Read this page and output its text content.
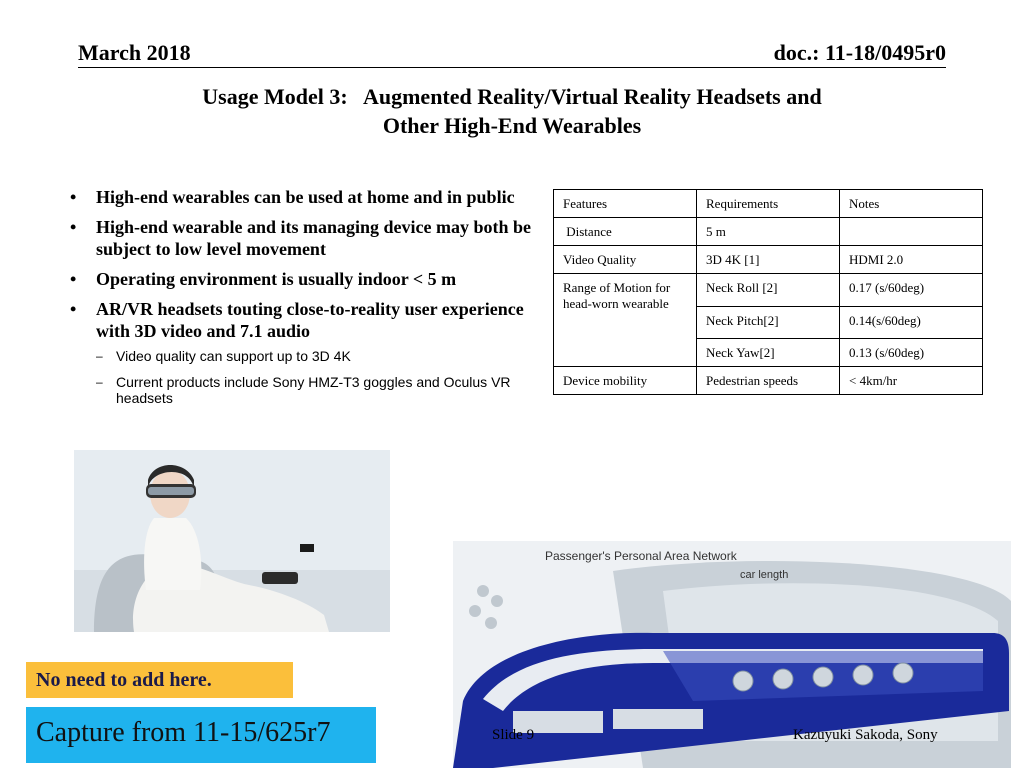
March 2018	doc.: 11-18/0495r0
Usage Model 3:   Augmented Reality/Virtual Reality Headsets and
Other High-End Wearables
•	High-end wearables can be used at home and in public
•	High-end wearable and its managing device may both be subject to low level movement
•	Operating environment is usually indoor < 5 m
•	AR/VR headsets touting close-to-reality user experience with 3D video and 7.1 audio
– Video quality can support up to 3D 4K
– Current products include Sony HMZ-T3 goggles and Oculus VR headsets
Features	Requirements	Notes
Distance	5 m	
Video Quality	3D 4K [1]	HDMI 2.0
Range of Motion for head-worn wearable	Neck Roll [2]	0.17 (s/60deg)
	Neck Pitch[2]	0.14(s/60deg)
	Neck Yaw[2]	0.13 (s/60deg)
Device mobility	Pedestrian speeds	< 4km/hr
Passenger's Personal Area Network
car length
No need to add here.
Capture from 11-15/625r7	Slide 9	Kazuyuki Sakoda, Sony
